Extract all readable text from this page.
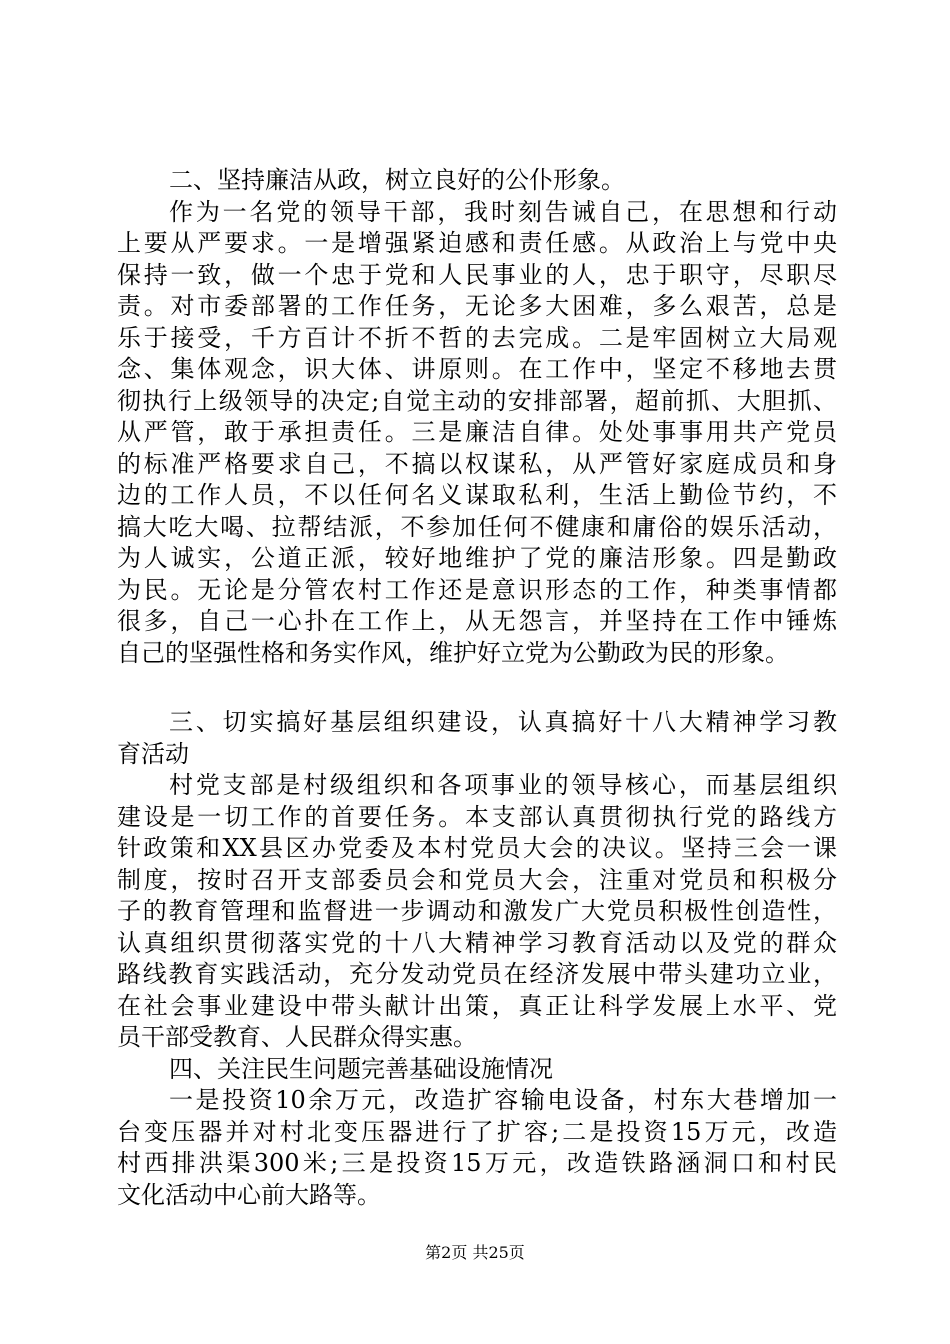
二、坚持廉洁从政，树立良好的公仆形象。
作为一名党的领导干部，我时刻告诫自己，在思想和行动
上要从严要求。一是增强紧迫感和责任感。从政治上与党中央
保持一致，做一个忠于党和人民事业的人，忠于职守，尽职尽
责。对市委部署的工作任务，无论多大困难，多么艰苦，总是
乐于接受，千方百计不折不哲的去完成。二是牢固树立大局观
念、集体观念，识大体、讲原则。在工作中，坚定不移地去贯
彻执行上级领导的决定;自觉主动的安排部署，超前抓、大胆抓、
从严管，敢于承担责任。三是廉洁自律。处处事事用共产党员
的标准严格要求自己，不搞以权谋私，从严管好家庭成员和身
边的工作人员，不以任何名义谋取私利，生活上勤俭节约，不
搞大吃大喝、拉帮结派，不参加任何不健康和庸俗的娱乐活动，
为人诚实，公道正派，较好地维护了党的廉洁形象。四是勤政
为民。无论是分管农村工作还是意识形态的工作，种类事情都
很多，自己一心扑在工作上，从无怨言，并坚持在工作中锤炼
自己的坚强性格和务实作风，维护好立党为公勤政为民的形象。
三、切实搞好基层组织建设，认真搞好十八大精神学习教
育活动
村党支部是村级组织和各项事业的领导核心，而基层组织
建设是一切工作的首要任务。本支部认真贯彻执行党的路线方
针政策和XX县区办党委及本村党员大会的决议。坚持三会一课
制度，按时召开支部委员会和党员大会，注重对党员和积极分
子的教育管理和监督进一步调动和激发广大党员积极性创造性，
认真组织贯彻落实党的十八大精神学习教育活动以及党的群众
路线教育实践活动，充分发动党员在经济发展中带头建功立业，
在社会事业建设中带头献计出策，真正让科学发展上水平、党
员干部受教育、人民群众得实惠。
四、关注民生问题完善基础设施情况
一是投资10余万元，改造扩容输电设备，村东大巷增加一
台变压器并对村北变压器进行了扩容;二是投资15万元，改造
村西排洪渠300米;三是投资15万元，改造铁路涵洞口和村民
文化活动中心前大路等。
第2页 共25页
